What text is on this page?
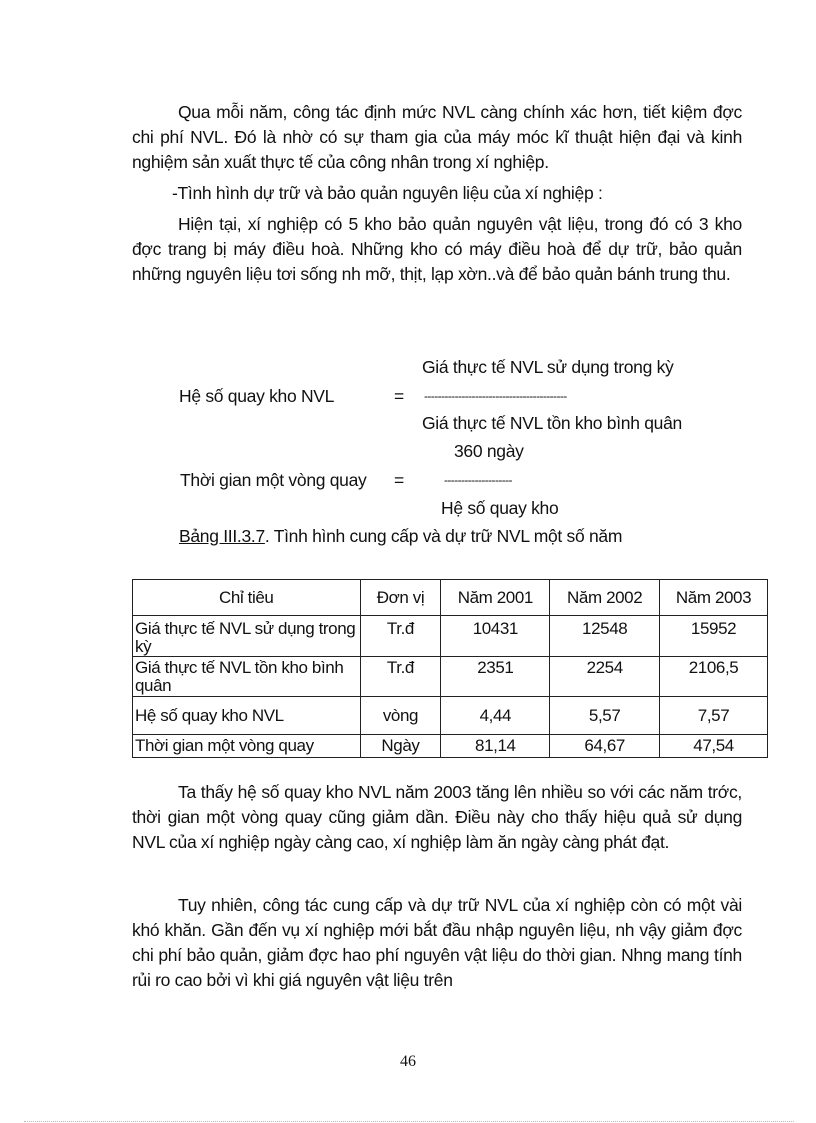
Qua mỗi năm, công tác định mức NVL càng chính xác hơn, tiết kiệm đợc chi phí NVL. Đó là nhờ có sự tham gia của máy móc kĩ thuật hiện đại và kinh nghiệm sản xuất thực tế của công nhân trong xí nghiệp.

-Tình hình dự trữ và bảo quản nguyên liệu của xí nghiệp :

Hiện tại, xí nghiệp có 5 kho bảo quản nguyên vật liệu, trong đó có 3 kho đợc trang bị máy điều hoà. Những kho có máy điều hoà để dự trữ, bảo quản những nguyên liệu tơi sống nh mỡ, thịt, lạp xờn..và để bảo quản bánh trung thu.

Giá thực tế NVL sử dụng trong kỳ
Hệ số quay kho NVL	= ------------------------------------------
Giá thực tế NVL tồn kho bình quân
360 ngày
Thời gian một vòng quay =	--------------------
Hệ số quay kho
Bảng III.3.7. Tình hình cung cấp và dự trữ NVL một số năm
Chỉ tiêu	Đơn vị	Năm 2001	Năm 2002	Năm 2003
Giá thực tế NVL sử dụng trong kỳ	Tr.đ	10431	12548	15952
Giá thực tế NVL tồn kho bình quân	Tr.đ	2351	2254	2106,5
Hệ số quay kho NVL	vòng	4,44	5,57	7,57
Thời gian một vòng quay	Ngày	81,14	64,67	47,54

Ta thấy hệ số quay kho NVL năm 2003 tăng lên nhiều so với các năm trớc, thời gian một vòng quay cũng giảm dần. Điều này cho thấy hiệu quả sử dụng NVL của xí nghiệp ngày càng cao, xí nghiệp làm ăn ngày càng phát đạt.

Tuy nhiên, công tác cung cấp và dự trữ NVL của xí nghiệp còn có một vài khó khăn. Gần đến vụ xí nghiệp mới bắt đầu nhập nguyên liệu, nh vậy giảm đợc chi phí bảo quản, giảm đợc hao phí nguyên vật liệu do thời gian. Nhng mang tính rủi ro cao bởi vì khi giá nguyên vật liệu trên

46
